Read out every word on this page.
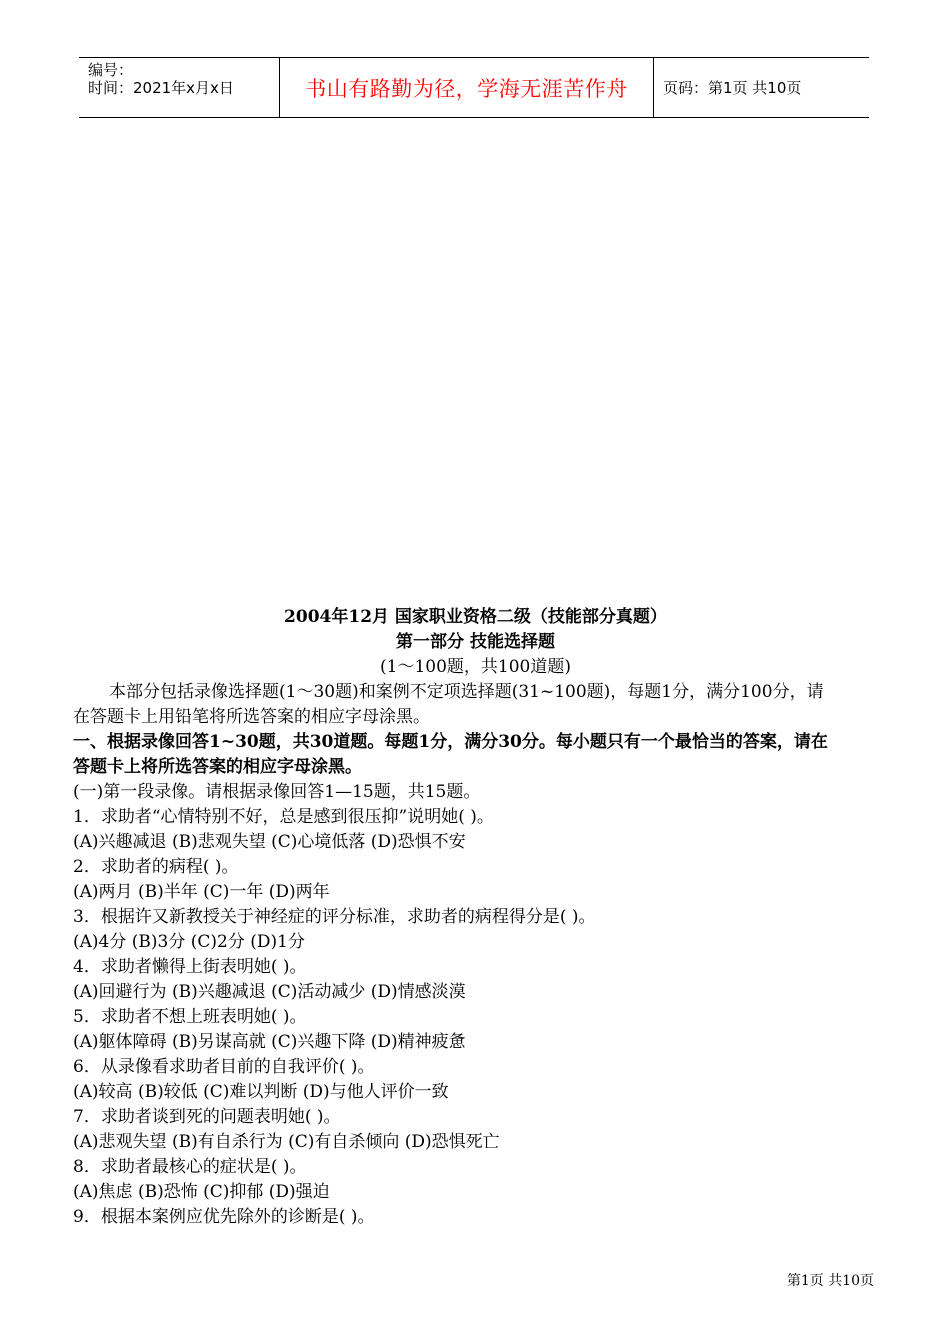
编号：
时间：2021年x月x日	书山有路勤为径，学海无涯苦作舟	页码：第1页 共10页
2004年12月 国家职业资格二级（技能部分真题）
第一部分 技能选择题
(1～100题，共100道题)
本部分包括录像选择题(1～30题)和案例不定项选择题(31~100题)，每题1分，满分100分，请
在答题卡上用铅笔将所选答案的相应字母涂黑。
一、根据录像回答1~30题，共30道题。每题1分，满分30分。每小题只有一个最恰当的答案，请在
答题卡上将所选答案的相应字母涂黑。
(一)第一段录像。请根据录像回答1—15题，共15题。
1．求助者“心情特别不好，总是感到很压抑”说明她( )。
(A)兴趣减退 (B)悲观失望 (C)心境低落 (D)恐惧不安
2．求助者的病程( )。
(A)两月 (B)半年 (C)一年 (D)两年
3．根据许又新教授关于神经症的评分标准，求助者的病程得分是( )。
(A)4分 (B)3分 (C)2分 (D)1分
4．求助者懒得上街表明她( )。
(A)回避行为 (B)兴趣减退 (C)活动减少 (D)情感淡漠
5．求助者不想上班表明她( )。
(A)躯体障碍 (B)另谋高就 (C)兴趣下降 (D)精神疲惫
6．从录像看求助者目前的自我评价( )。
(A)较高 (B)较低 (C)难以判断 (D)与他人评价一致
7．求助者谈到死的问题表明她( )。
(A)悲观失望 (B)有自杀行为 (C)有自杀倾向 (D)恐惧死亡
8．求助者最核心的症状是( )。
(A)焦虑 (B)恐怖 (C)抑郁 (D)强迫
9．根据本案例应优先除外的诊断是( )。
第1页 共10页
